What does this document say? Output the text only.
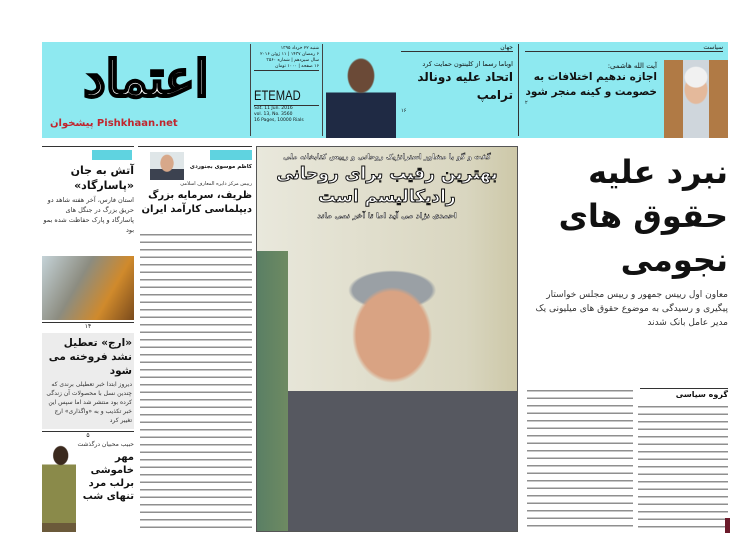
اعتماد
پیشخوان Pishkhaan.net
شنبه ۲۲ خرداد ۱۳۹۵
۶ رمضان ۱۴۳۷ | ۱۱ ژوئن ۲۰۱۶
سال سیزدهم | شماره ۳۵۶۰
۱۶ صفحه | ۱۰۰۰ تومان
ETEMAD
Sat. 11 Jun. 2016
vol. 13, No. 3560
16 Pages, 10000 Rials
جهان
اوباما رسما از کلینتون حمایت کرد
اتحاد علیه دونالد ترامپ
۱۶
سیاست
آیت الله هاشمی:
اجازه ندهیم اختلافات به خصومت و کینه منجر شود
۲
آتش به جان «پاسارگاد»
استان فارس، آخر هفته شاهد دو حریق بزرگ در جنگل های پاسارگاد و پارک حفاظت شده بمو بود
۱۴
«ارج» تعطیل نشد فروخته می شود
دیروز ابتدا خبر تعطیلی برندی که چندین نسل با محصولات آن زندگی کرده بود منتشر شد اما سپس این خبر تکذیب و به «واگذاری» ارج تغییر کرد
۵
حبیب محبیان درگذشت
مهر خاموشی برلب مرد تنهای شب
کاظم موسوی بجنوردی
رییس مرکز دایره المعارف اسلامی
ظریف، سرمایه بزرگ دیپلماسی کارآمد ایران
گفت و گو با مشاور استراتژیک روحانی و رییس کتابخانه ملی
بهترین رقیب برای روحانی رادیکالیسم است
احمدی نژاد می آید اما تا آخر نمی ماند
نبرد علیه حقوق های نجومی
معاون اول رییس جمهور و رییس مجلس خواستار پیگیری و رسیدگی به موضوع حقوق های میلیونی یک مدیر عامل بانک شدند
گروه سیاسی
